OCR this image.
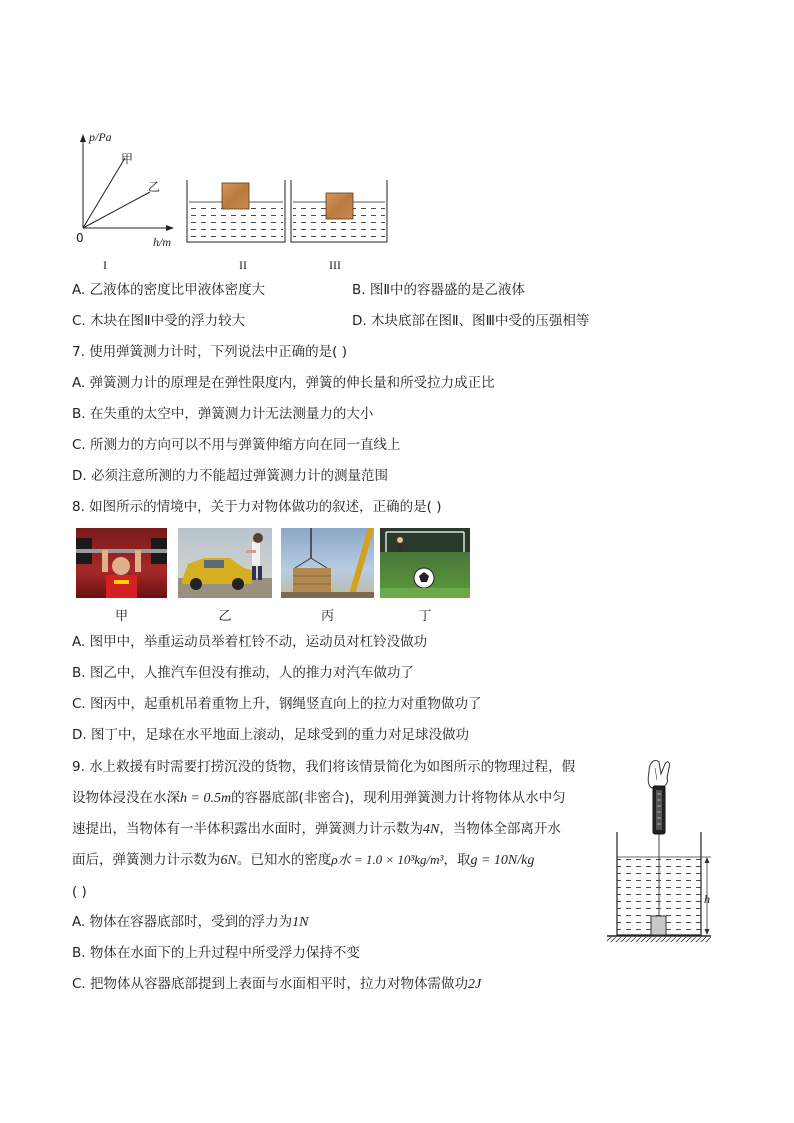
p/Pa
h/m
0
甲
乙
I	II	III
A. 乙液体的密度比甲液体密度大	B. 图Ⅱ中的容器盛的是乙液体
C. 木块在图Ⅱ中受的浮力较大	D. 木块底部在图Ⅱ、图Ⅲ中受的压强相等
7. 使用弹簧测力计时，下列说法中正确的是( )
A. 弹簧测力计的原理是在弹性限度内，弹簧的伸长量和所受拉力成正比
B. 在失重的太空中，弹簧测力计无法测量力的大小
C. 所测力的方向可以不用与弹簧伸缩方向在同一直线上
D. 必须注意所测的力不能超过弹簧测力计的测量范围
8. 如图所示的情境中，关于力对物体做功的叙述，正确的是( )
甲	乙	丙	丁
A. 图甲中，举重运动员举着杠铃不动，运动员对杠铃没做功
B. 图乙中，人推汽车但没有推动，人的推力对汽车做功了
C. 图丙中，起重机吊着重物上升，钢绳竖直向上的拉力对重物做功了
D. 图丁中，足球在水平地面上滚动，足球受到的重力对足球没做功
9. 水上救援有时需要打捞沉没的货物，我们将该情景简化为如图所示的物理过程，假
设物体浸没在水深h = 0.5m的容器底部(非密合)，现利用弹簧测力计将物体从水中匀
速提出，当物体有一半体积露出水面时，弹簧测力计示数为4N，当物体全部离开水
面后，弹簧测力计示数为6N。已知水的密度ρ水 = 1.0 × 10³kg/m³，取g = 10N/kg
( )	h
A. 物体在容器底部时，受到的浮力为1N
B. 物体在水面下的上升过程中所受浮力保持不变
C. 把物体从容器底部提到上表面与水面相平时，拉力对物体需做功2J
